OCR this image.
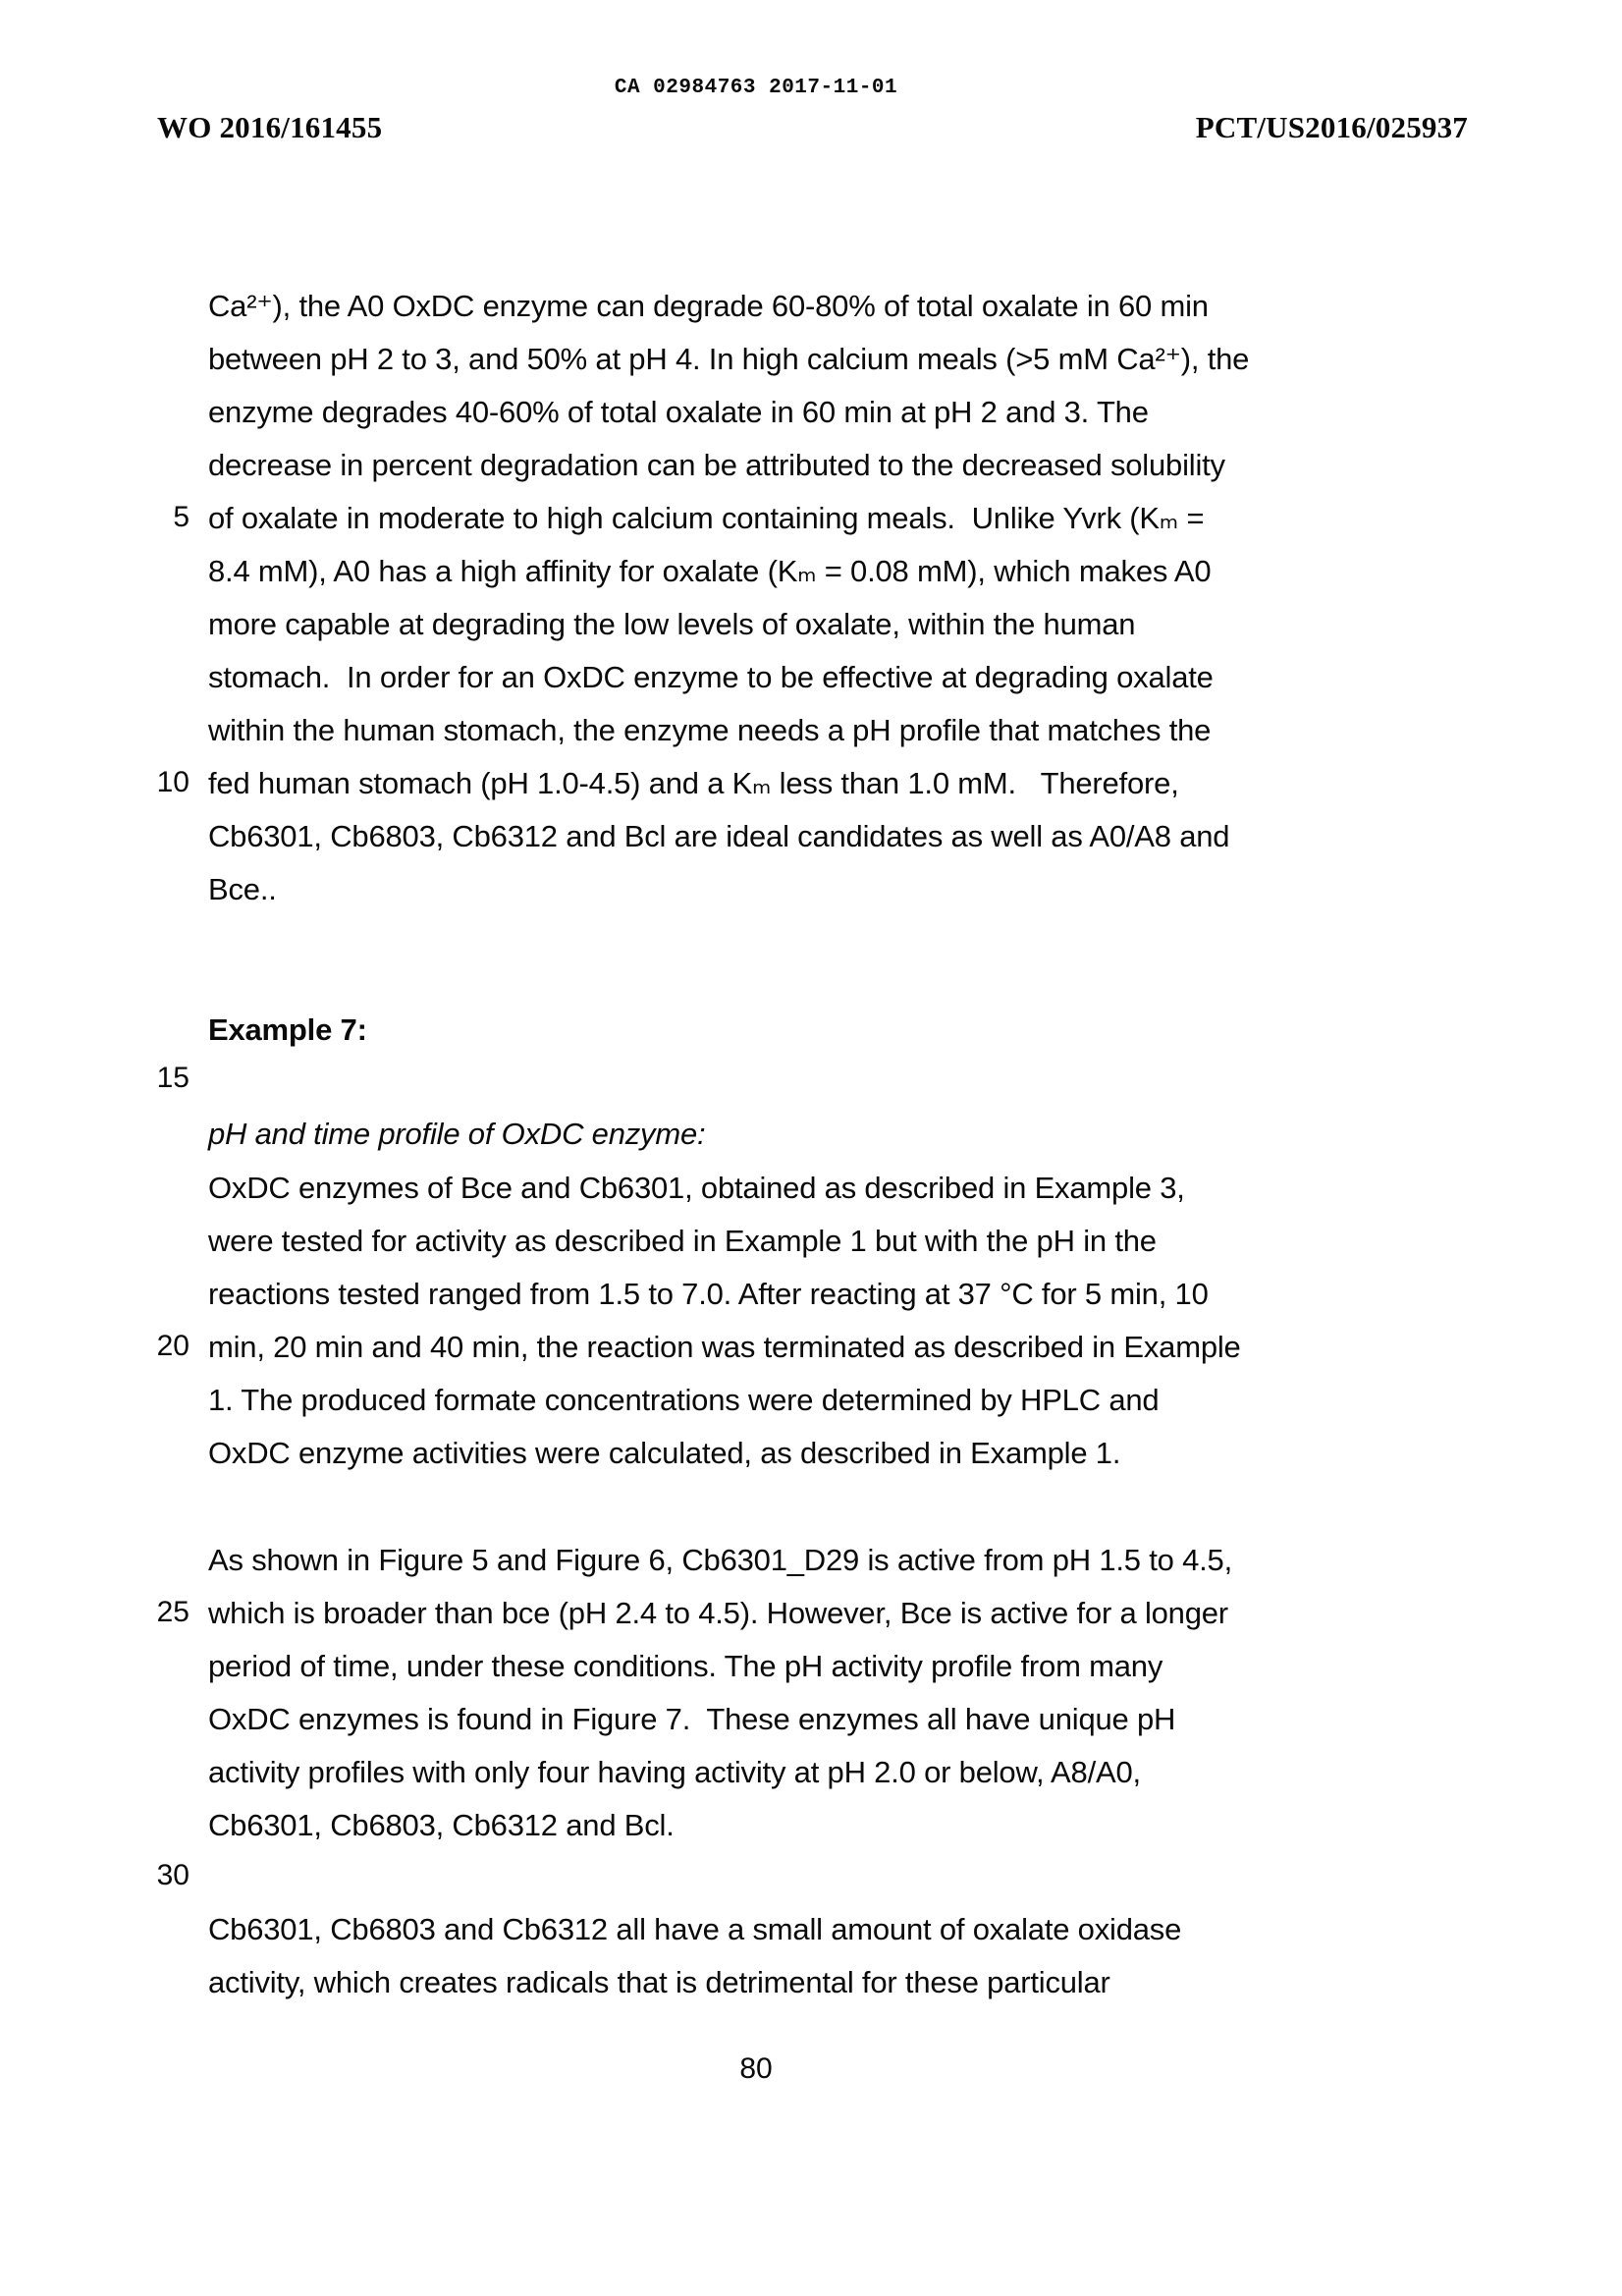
CA 02984763 2017-11-01
WO 2016/161455	PCT/US2016/025937
Ca²⁺), the A0 OxDC enzyme can degrade 60-80% of total oxalate in 60 min
between pH 2 to 3, and 50% at pH 4. In high calcium meals (>5 mM Ca²⁺), the
enzyme degrades 40-60% of total oxalate in 60 min at pH 2 and 3. The
decrease in percent degradation can be attributed to the decreased solubility
5 of oxalate in moderate to high calcium containing meals.  Unlike Yvrk (Kₘ =
8.4 mM), A0 has a high affinity for oxalate (Kₘ = 0.08 mM), which makes A0
more capable at degrading the low levels of oxalate, within the human
stomach.  In order for an OxDC enzyme to be effective at degrading oxalate
within the human stomach, the enzyme needs a pH profile that matches the
10 fed human stomach (pH 1.0-4.5) and a Kₘ less than 1.0 mM.   Therefore,
Cb6301, Cb6803, Cb6312 and Bcl are ideal candidates as well as A0/A8 and
Bce..
Example 7:
15
pH and time profile of OxDC enzyme:
OxDC enzymes of Bce and Cb6301, obtained as described in Example 3,
were tested for activity as described in Example 1 but with the pH in the
reactions tested ranged from 1.5 to 7.0. After reacting at 37 °C for 5 min, 10
20 min, 20 min and 40 min, the reaction was terminated as described in Example
1. The produced formate concentrations were determined by HPLC and
OxDC enzyme activities were calculated, as described in Example 1.
As shown in Figure 5 and Figure 6, Cb6301_D29 is active from pH 1.5 to 4.5,
25 which is broader than bce (pH 2.4 to 4.5). However, Bce is active for a longer
period of time, under these conditions. The pH activity profile from many
OxDC enzymes is found in Figure 7.  These enzymes all have unique pH
activity profiles with only four having activity at pH 2.0 or below, A8/A0,
Cb6301, Cb6803, Cb6312 and Bcl.
30
Cb6301, Cb6803 and Cb6312 all have a small amount of oxalate oxidase
activity, which creates radicals that is detrimental for these particular
80
